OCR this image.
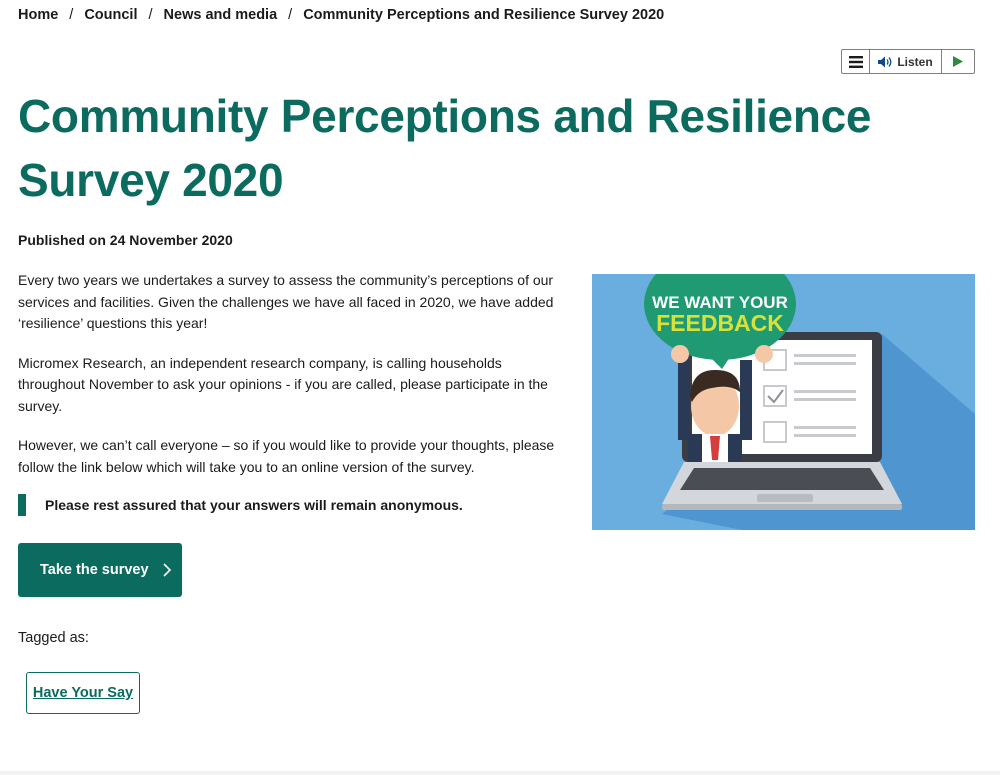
Home / Council / News and media / Community Perceptions and Resilience Survey 2020
Listen
Community Perceptions and Resilience Survey 2020
Published on 24 November 2020

Every two years we undertakes a survey to assess the community’s perceptions of our services and facilities. Given the challenges we have all faced in 2020, we have added ‘resilience’ questions this year!

Micromex Research, an independent research company, is calling households throughout November to ask your opinions - if you are called, please participate in the survey.

However, we can’t call everyone – so if you would like to provide your thoughts, please follow the link below which will take you to an online version of the survey.

Please rest assured that your answers will remain anonymous.
Take the survey
Tagged as:
Have Your Say
WE WANT YOUR
FEEDBACK
